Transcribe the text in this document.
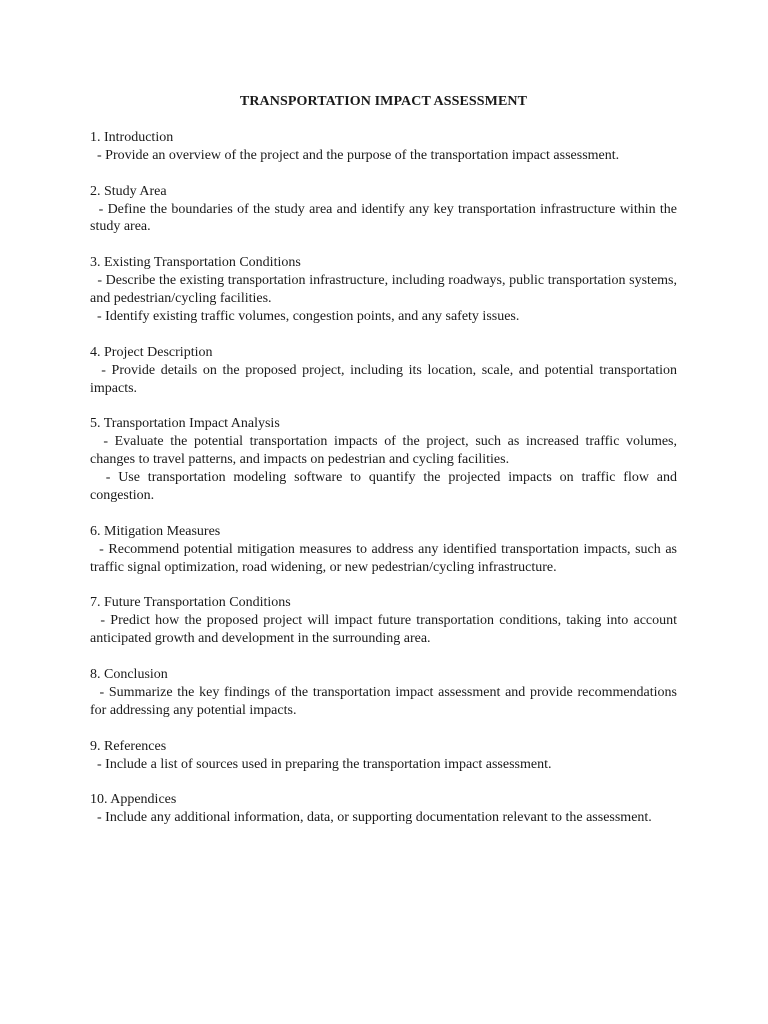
TRANSPORTATION IMPACT ASSESSMENT
1. Introduction
- Provide an overview of the project and the purpose of the transportation impact assessment.
2. Study Area
- Define the boundaries of the study area and identify any key transportation infrastructure within the study area.
3. Existing Transportation Conditions
- Describe the existing transportation infrastructure, including roadways, public transportation systems, and pedestrian/cycling facilities.
- Identify existing traffic volumes, congestion points, and any safety issues.
4. Project Description
- Provide details on the proposed project, including its location, scale, and potential transportation impacts.
5. Transportation Impact Analysis
- Evaluate the potential transportation impacts of the project, such as increased traffic volumes, changes to travel patterns, and impacts on pedestrian and cycling facilities.
- Use transportation modeling software to quantify the projected impacts on traffic flow and congestion.
6. Mitigation Measures
- Recommend potential mitigation measures to address any identified transportation impacts, such as traffic signal optimization, road widening, or new pedestrian/cycling infrastructure.
7. Future Transportation Conditions
- Predict how the proposed project will impact future transportation conditions, taking into account anticipated growth and development in the surrounding area.
8. Conclusion
- Summarize the key findings of the transportation impact assessment and provide recommendations for addressing any potential impacts.
9. References
- Include a list of sources used in preparing the transportation impact assessment.
10. Appendices
- Include any additional information, data, or supporting documentation relevant to the assessment.
